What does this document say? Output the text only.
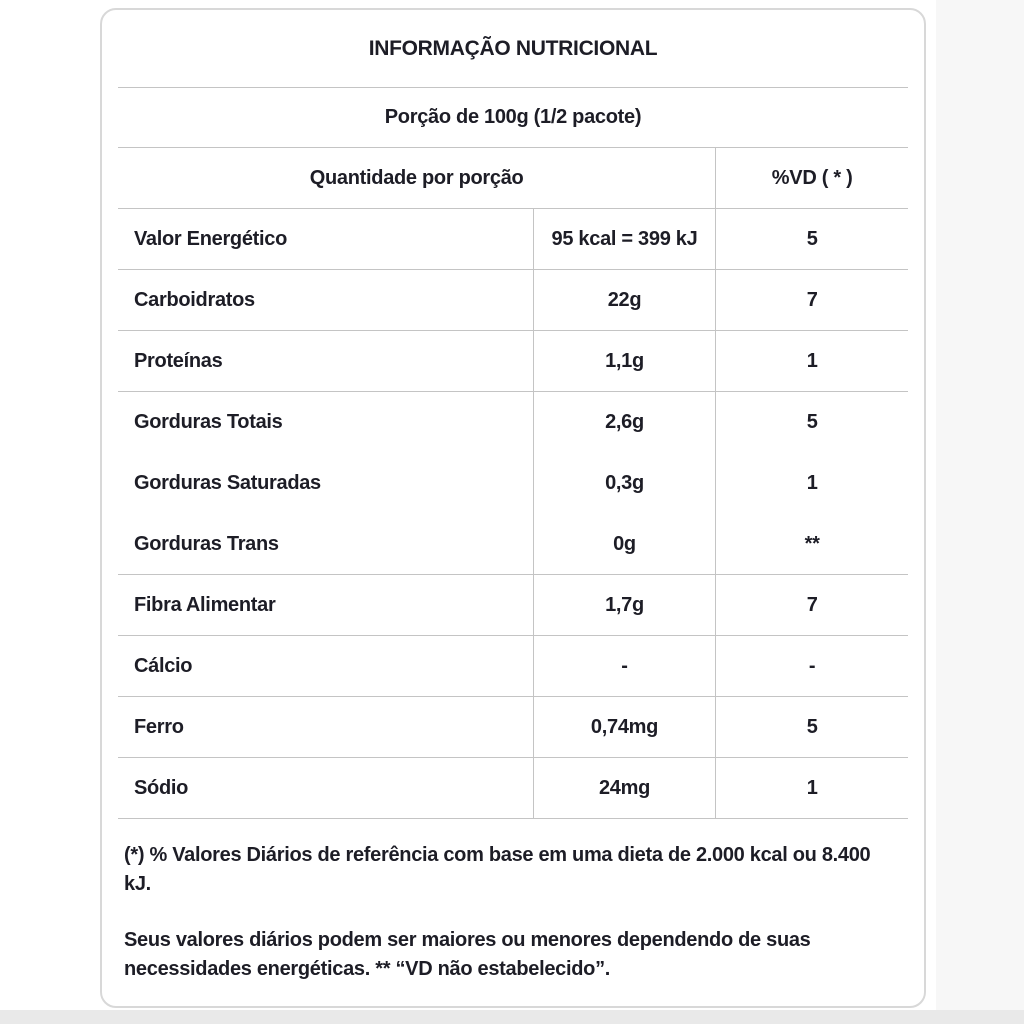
INFORMAÇÃO NUTRICIONAL
Porção de 100g (1/2 pacote)
Quantidade por porção	%VD ( * )
Valor Energético	95 kcal = 399 kJ	5
Carboidratos	22g	7
Proteínas	1,1g	1
Gorduras Totais	2,6g	5
Gorduras Saturadas	0,3g	1
Gorduras Trans	0g	**
Fibra Alimentar	1,7g	7
Cálcio	-	-
Ferro	0,74mg	5
Sódio	24mg	1

(*) % Valores Diários de referência com base em uma dieta de 2.000 kcal ou 8.400 kJ.

Seus valores diários podem ser maiores ou menores dependendo de suas necessidades energéticas. ** “VD não estabelecido”.
